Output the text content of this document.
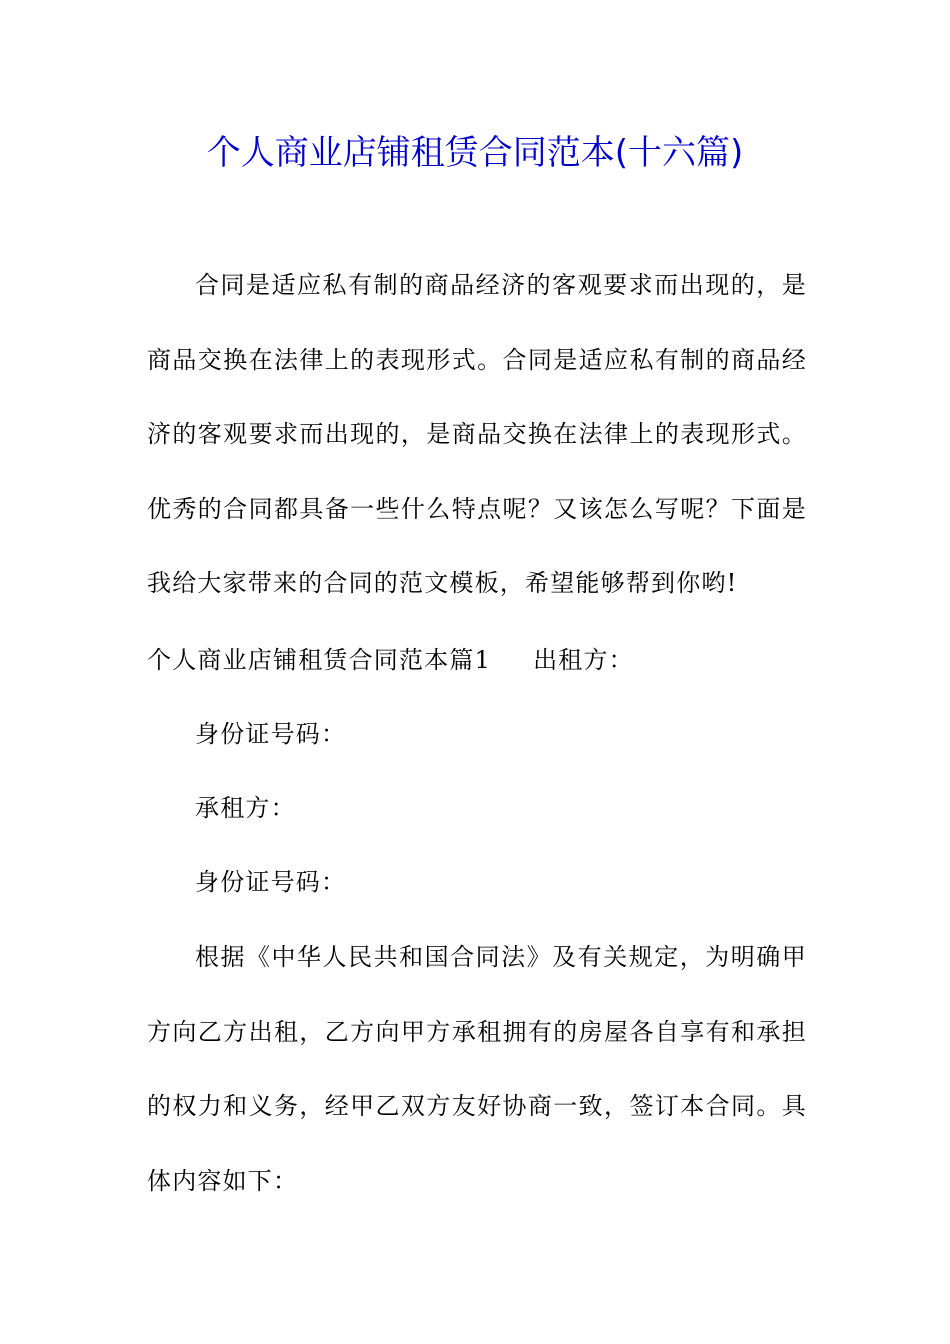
个人商业店铺租赁合同范本(十六篇)

合同是适应私有制的商品经济的客观要求而出现的，是商品交换在法律上的表现形式。合同是适应私有制的商品经济的客观要求而出现的，是商品交换在法律上的表现形式。优秀的合同都具备一些什么特点呢？又该怎么写呢？下面是我给大家带来的合同的范文模板，希望能够帮到你哟!

个人商业店铺租赁合同范本篇1 出租方：
身份证号码：
承租方：
身份证号码：

根据《中华人民共和国合同法》及有关规定，为明确甲方向乙方出租，乙方向甲方承租拥有的房屋各自享有和承担的权力和义务，经甲乙双方友好协商一致，签订本合同。具体内容如下：
